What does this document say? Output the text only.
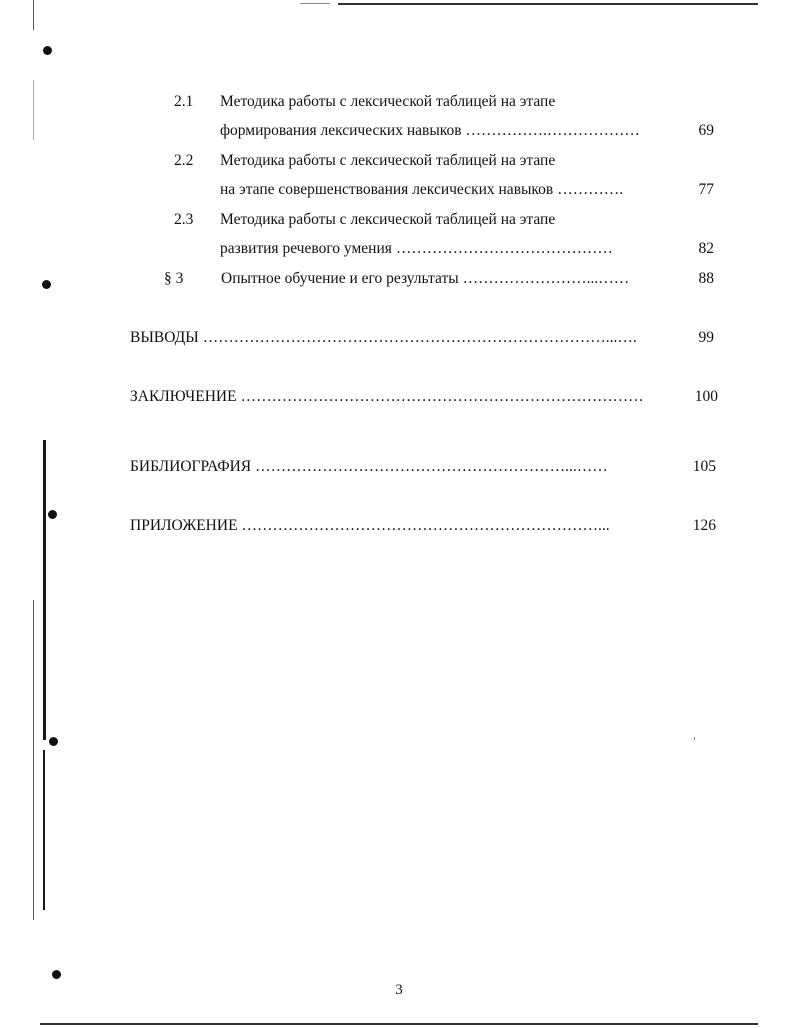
2.1 Методика работы с лексической таблицей на этапе
формирования лексических навыков …………….………………	69
2.2 Методика работы с лексической таблицей на этапе
на этапе совершенствования лексических навыков ………….	77
2.3 Методика работы с лексической таблицей на этапе
развития речевого умения ……………………………………	82
§ 3 Опытное обучение и его результаты ……………………...……	88
ВЫВОДЫ ……………………………………………………………………...….	99
ЗАКЛЮЧЕНИЕ ……………………………………………………………………	100
БИБЛИОГРАФИЯ ……………………………………………………...……	105
ПРИЛОЖЕНИЕ ……………………………………………………………...	126
3
